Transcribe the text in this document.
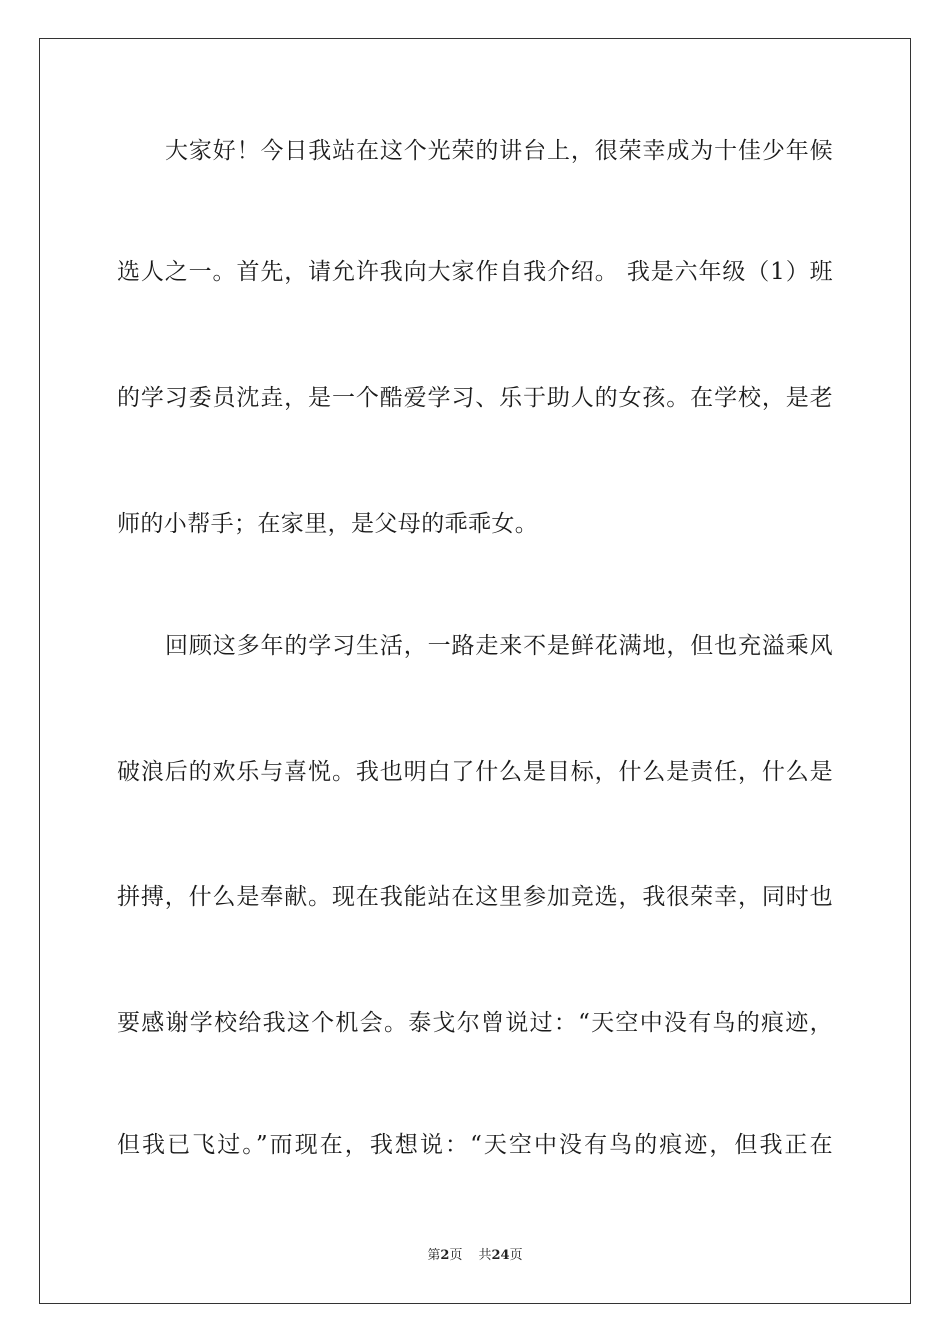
大家好！今日我站在这个光荣的讲台上，很荣幸成为十佳少年候
选人之一。首先，请允许我向大家作自我介绍。 我是六年级（1）班
的学习委员沈垚，是一个酷爱学习、乐于助人的女孩。在学校，是老
师的小帮手；在家里，是父母的乖乖女。
回顾这多年的学习生活，一路走来不是鲜花满地，但也充溢乘风
破浪后的欢乐与喜悦。我也明白了什么是目标，什么是责任，什么是
拼搏，什么是奉献。现在我能站在这里参加竞选，我很荣幸，同时也
要感谢学校给我这个机会。泰戈尔曾说过：“天空中没有鸟的痕迹，
但我已飞过。”而现在，我想说：“天空中没有鸟的痕迹，但我正在
第2页 共24页
